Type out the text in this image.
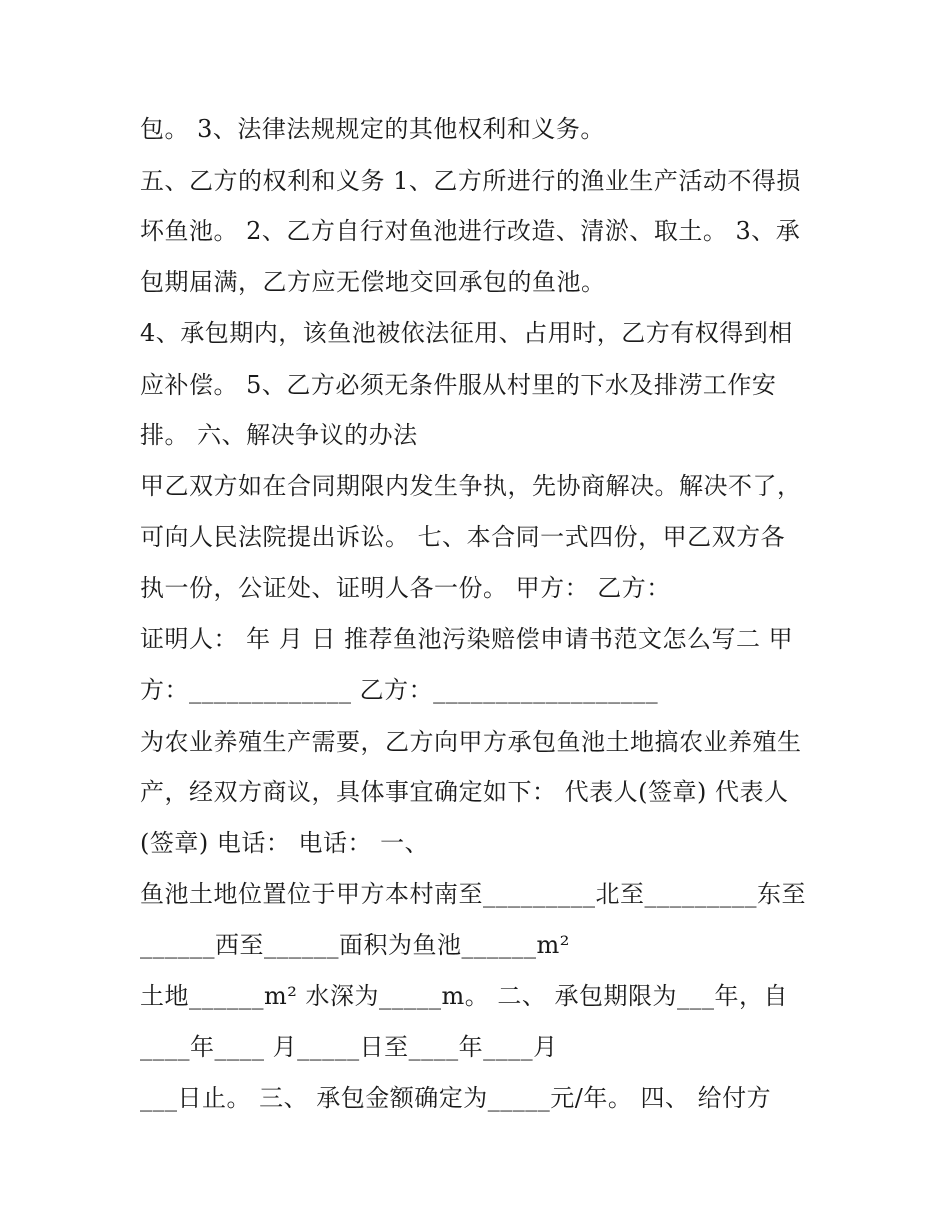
包。 3、法律法规规定的其他权利和义务。
五、乙方的权利和义务 1、乙方所进行的渔业生产活动不得损
坏鱼池。 2、乙方自行对鱼池进行改造、清淤、取土。 3、承
包期届满，乙方应无偿地交回承包的鱼池。
4、承包期内，该鱼池被依法征用、占用时，乙方有权得到相
应补偿。 5、乙方必须无条件服从村里的下水及排涝工作安
排。 六、解决争议的办法
甲乙双方如在合同期限内发生争执，先协商解决。解决不了，
可向人民法院提出诉讼。 七、本合同一式四份，甲乙双方各
执一份，公证处、证明人各一份。 甲方： 乙方：
证明人： 年 月 日 推荐鱼池污染赔偿申请书范文怎么写二 甲
方：_____________ 乙方：__________________
为农业养殖生产需要，乙方向甲方承包鱼池土地搞农业养殖生
产，经双方商议，具体事宜确定如下： 代表人(签章) 代表人
(签章) 电话： 电话： 一、
鱼池土地位置位于甲方本村南至_________北至_________东至
______西至______面积为鱼池______m²
土地______m² 水深为_____m。 二、 承包期限为___年，自
____年____ 月_____日至____年____月
___日止。 三、 承包金额确定为_____元/年。 四、 给付方
